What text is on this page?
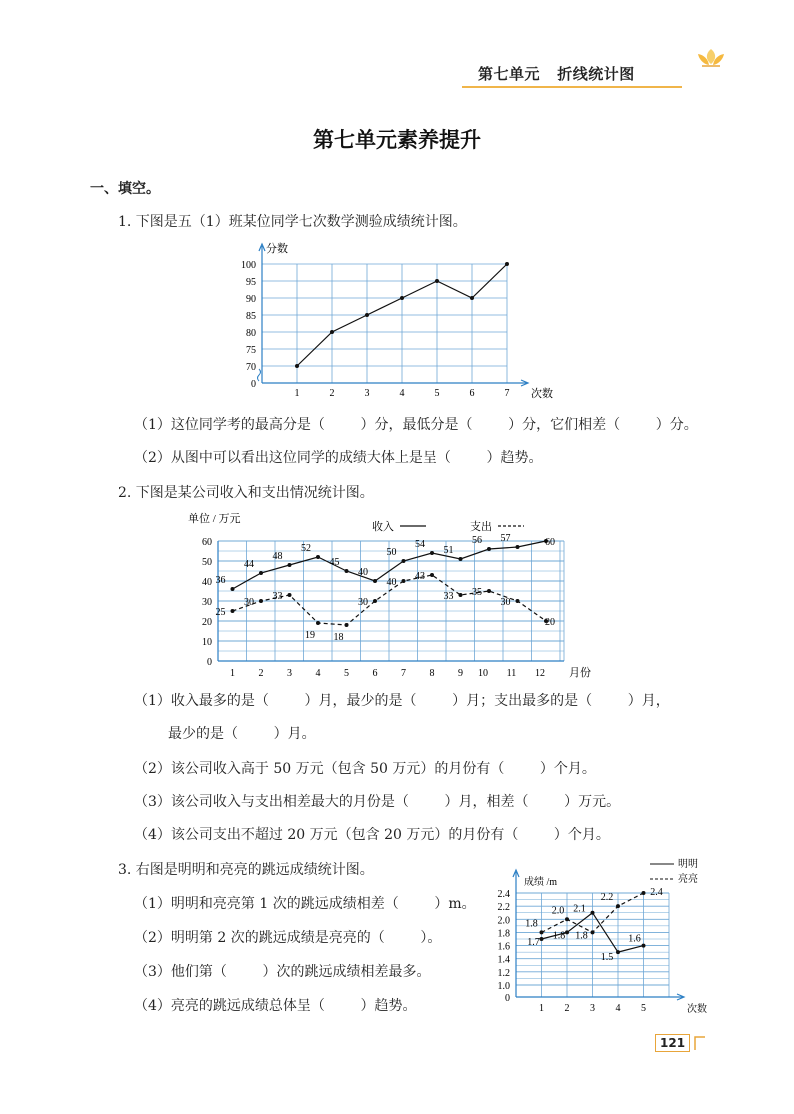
第七单元 折线统计图
第七单元素养提升
一、填空。
1. 下图是五（1）班某位同学七次数学测验成绩统计图。
分数
次数
0
70
75
80
85
90
95
100
1	2	3	4	5	6	7
（1）这位同学考的最高分是（        ）分，最低分是（        ）分，它们相差（        ）分。
（2）从图中可以看出这位同学的成绩大体上是呈（        ）趋势。
2. 下图是某公司收入和支出情况统计图。
单位 / 万元
月份
0
10
20
30
40
50
60
1 2 3 4 5 6 7 8 9 10 11 12
收入	支出
36
44
48
52
45
40
50
54
51
56 57	60
25
30
33
19 18
30
40
43
33 35
30
20
（1）收入最多的是（        ）月，最少的是（        ）月；支出最多的是（        ）月，
最少的是（        ）月。
（2）该公司收入高于 50 万元（包含 50 万元）的月份有（        ）个月。
（3）该公司收入与支出相差最大的月份是（        ）月，相差（        ）万元。
（4）该公司支出不超过 20 万元（包含 20 万元）的月份有（        ）个月。
3. 右图是明明和亮亮的跳远成绩统计图。
（1）明明和亮亮第 1 次的跳远成绩相差（        ）m。
（2）明明第 2 次的跳远成绩是亮亮的（        ）。
（3）他们第（        ）次的跳远成绩相差最多。
（4）亮亮的跳远成绩总体呈（        ）趋势。
成绩 /m
次数
0
1.0
1.2
1.4
1.6
1.8
2.0
2.2
2.4
1 2 3 4 5
明明
亮亮
1.7
1.8
2.1
1.5
1.6
1.8
2.0
1.8
2.2	2.4
121
